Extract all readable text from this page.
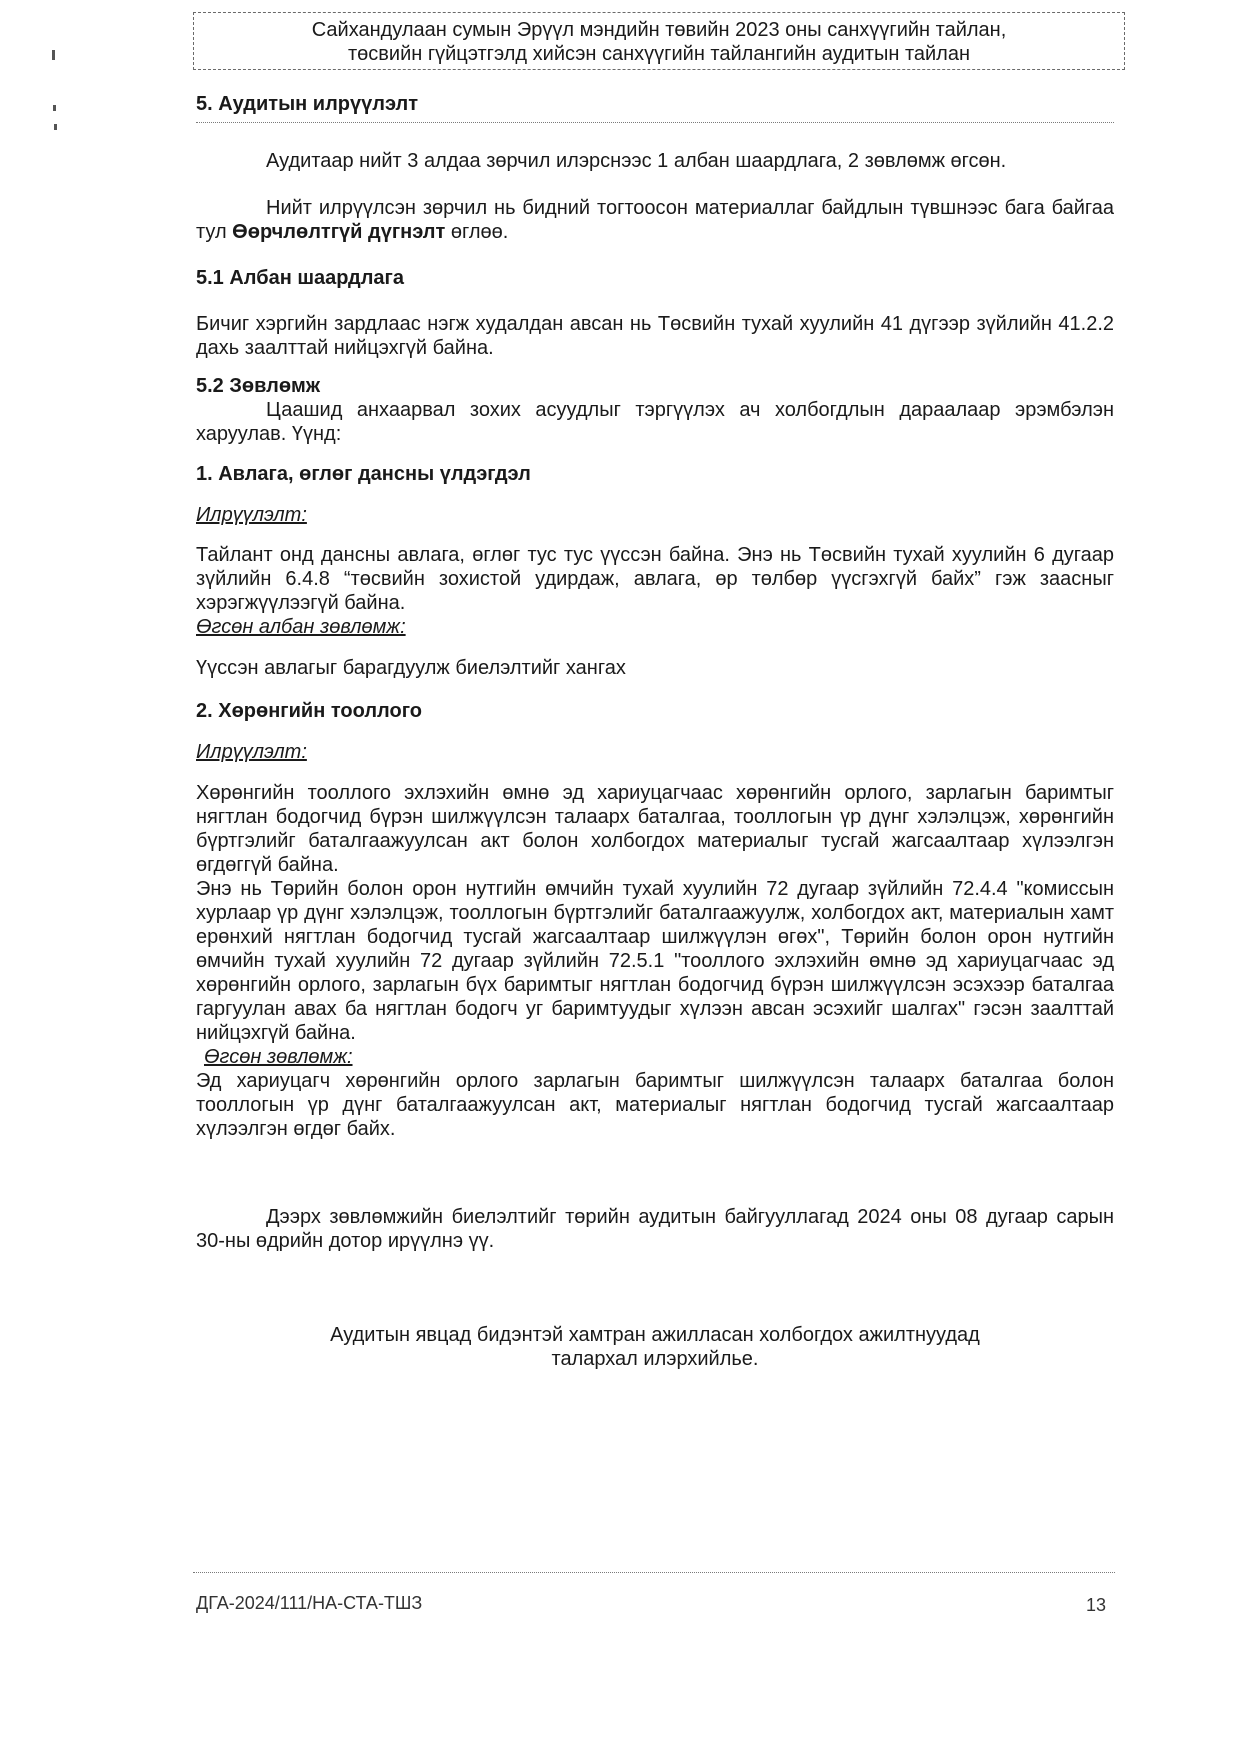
Сайхандулаан сумын Эрүүл мэндийн төвийн 2023 оны санхүүгийн тайлан,
төсвийн гүйцэтгэлд хийсэн санхүүгийн тайлангийн аудитын тайлан

5. Аудитын илрүүлэлт

Аудитаар нийт 3 алдаа зөрчил илэрснээс 1 албан шаардлага, 2 зөвлөмж өгсөн.

Нийт илрүүлсэн зөрчил нь бидний тогтоосон материаллаг байдлын түвшнээс бага байгаа тул Өөрчлөлтгүй дүгнэлт өглөө.

5.1 Албан шаардлага

Бичиг хэргийн зардлаас нэгж худалдан авсан нь Төсвийн тухай хуулийн 41 дүгээр зүйлийн 41.2.2 дахь заалттай нийцэхгүй байна.

5.2 Зөвлөмж

Цаашид анхаарвал зохих асуудлыг тэргүүлэх ач холбогдлын дараалаар эрэмбэлэн харуулав. Үүнд:

1. Авлага, өглөг дансны үлдэгдэл

Илрүүлэлт:

Тайлант онд дансны авлага, өглөг тус тус үүссэн байна. Энэ нь Төсвийн тухай хуулийн 6 дугаар зүйлийн 6.4.8 “төсвийн зохистой удирдаж, авлага, өр төлбөр үүсгэхгүй байх” гэж заасныг хэрэгжүүлээгүй байна.

Өгсөн албан зөвлөмж:

Үүссэн авлагыг барагдуулж биелэлтийг хангах

2. Хөрөнгийн тооллого

Илрүүлэлт:

Хөрөнгийн тооллого эхлэхийн өмнө эд хариуцагчаас хөрөнгийн орлого, зарлагын баримтыг нягтлан бодогчид бүрэн шилжүүлсэн талаарх баталгаа, тооллогын үр дүнг хэлэлцэж, хөрөнгийн бүртгэлийг баталгаажуулсан акт болон холбогдох материалыг тусгай жагсаалтаар хүлээлгэн өгдөггүй байна.

Энэ нь Төрийн болон орон нутгийн өмчийн тухай хуулийн 72 дугаар зүйлийн 72.4.4 "комиссын хурлаар үр дүнг хэлэлцэж, тооллогын бүртгэлийг баталгаажуулж, холбогдох акт, материалын хамт ерөнхий нягтлан бодогчид тусгай жагсаалтаар шилжүүлэн өгөх", Төрийн болон орон нутгийн өмчийн тухай хуулийн 72 дугаар зүйлийн 72.5.1 "тооллого эхлэхийн өмнө эд хариуцагчаас эд хөрөнгийн орлого, зарлагын бүх баримтыг нягтлан бодогчид бүрэн шилжүүлсэн эсэхээр баталгаа гаргуулан авах ба нягтлан бодогч уг баримтуудыг хүлээн авсан эсэхийг шалгах" гэсэн заалттай нийцэхгүй байна.

Өгсөн зөвлөмж:

Эд хариуцагч хөрөнгийн орлого зарлагын баримтыг шилжүүлсэн талаарх баталгаа болон тооллогын үр дүнг баталгаажуулсан акт, материалыг нягтлан бодогчид тусгай жагсаалтаар хүлээлгэн өгдөг байх.

Дээрх зөвлөмжийн биелэлтийг төрийн аудитын байгууллагад 2024 оны 08 дугаар сарын 30-ны өдрийн дотор ирүүлнэ үү.

Аудитын явцад бидэнтэй хамтран ажилласан холбогдох ажилтнуудад

талархал илэрхийлье.

ДГА-2024/111/НА-СТА-ТШЗ	13
